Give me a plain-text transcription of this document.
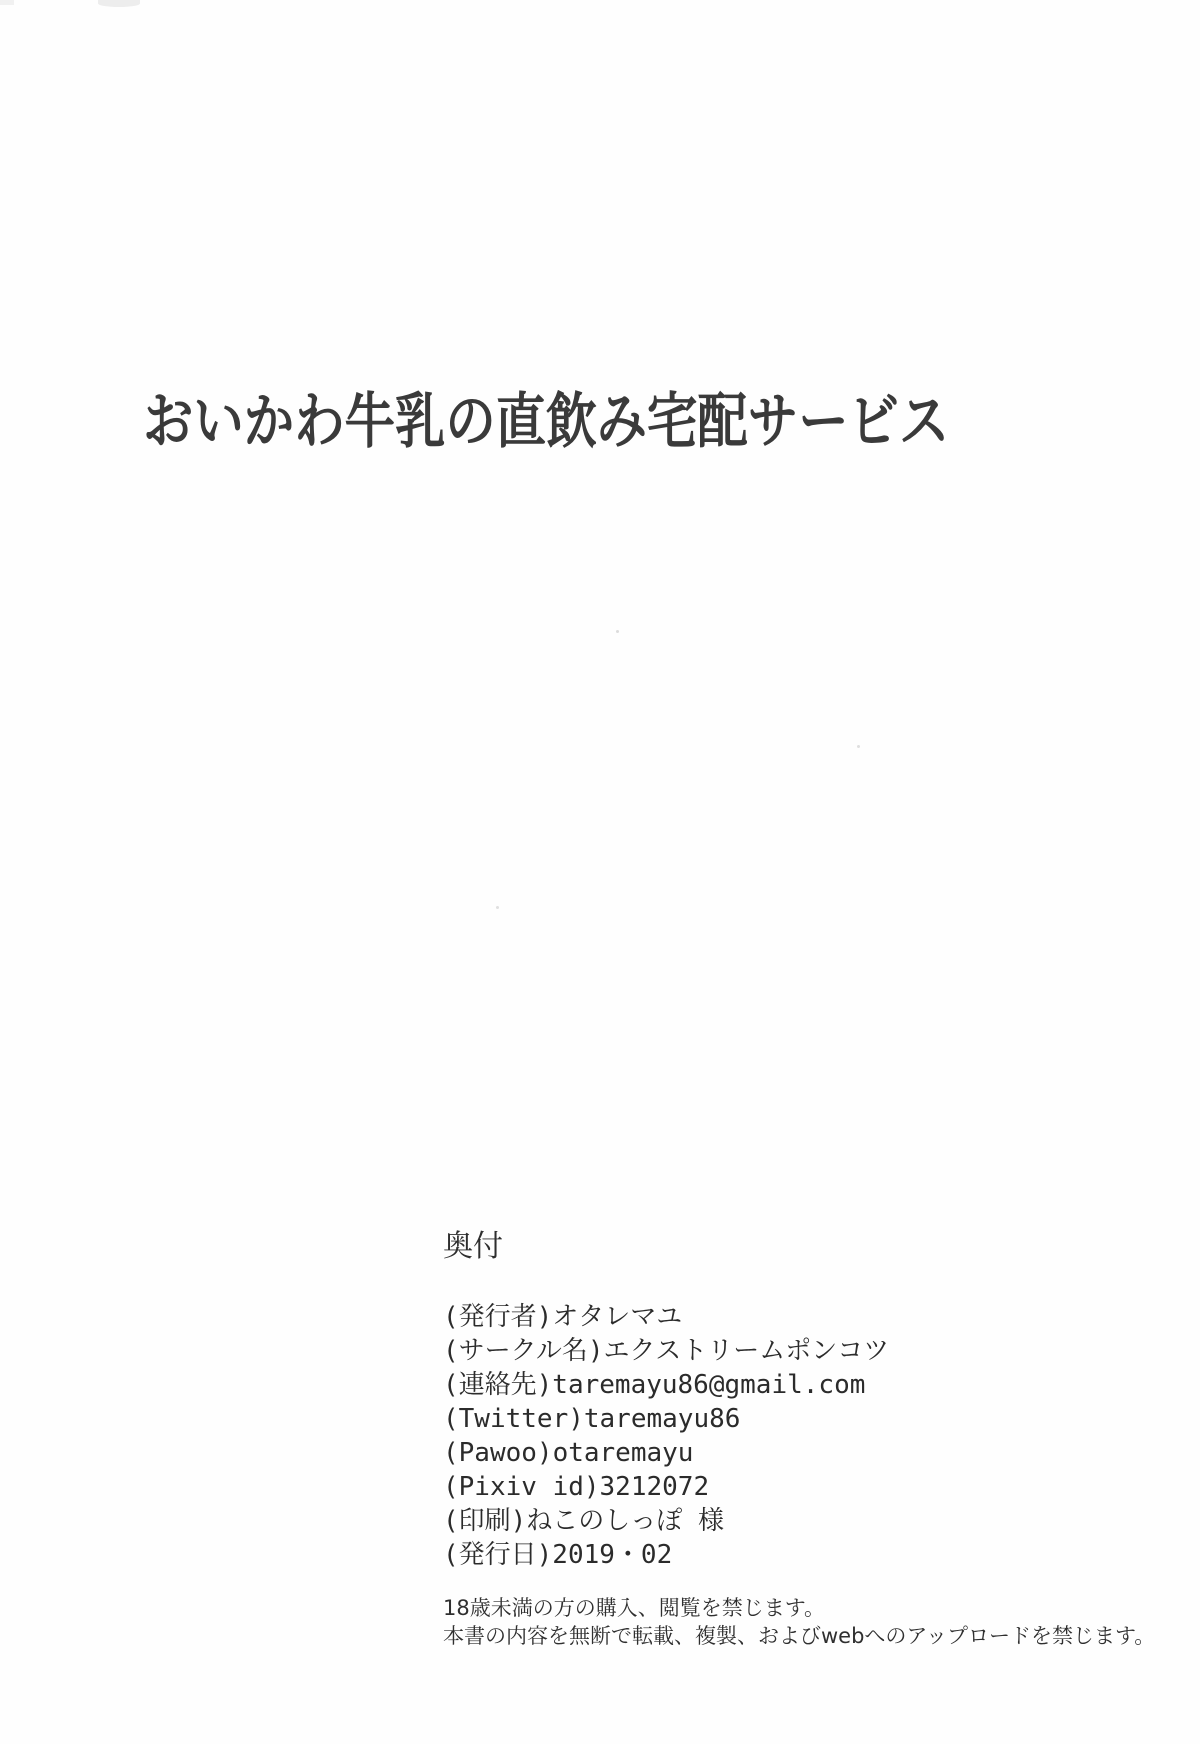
おいかわ牛乳の直飲み宅配サービス
奥付
(発行者)オタレマユ
(サークル名)エクストリームポンコツ
(連絡先)taremayu86@gmail.com
(Twitter)taremayu86
(Pawoo)otaremayu
(Pixiv id)3212072
(印刷)ねこのしっぽ 様
(発行日)2019・02
18歳未満の方の購入、閲覧を禁じます。
本書の内容を無断で転載、複製、およびwebへのアップロードを禁じます。
